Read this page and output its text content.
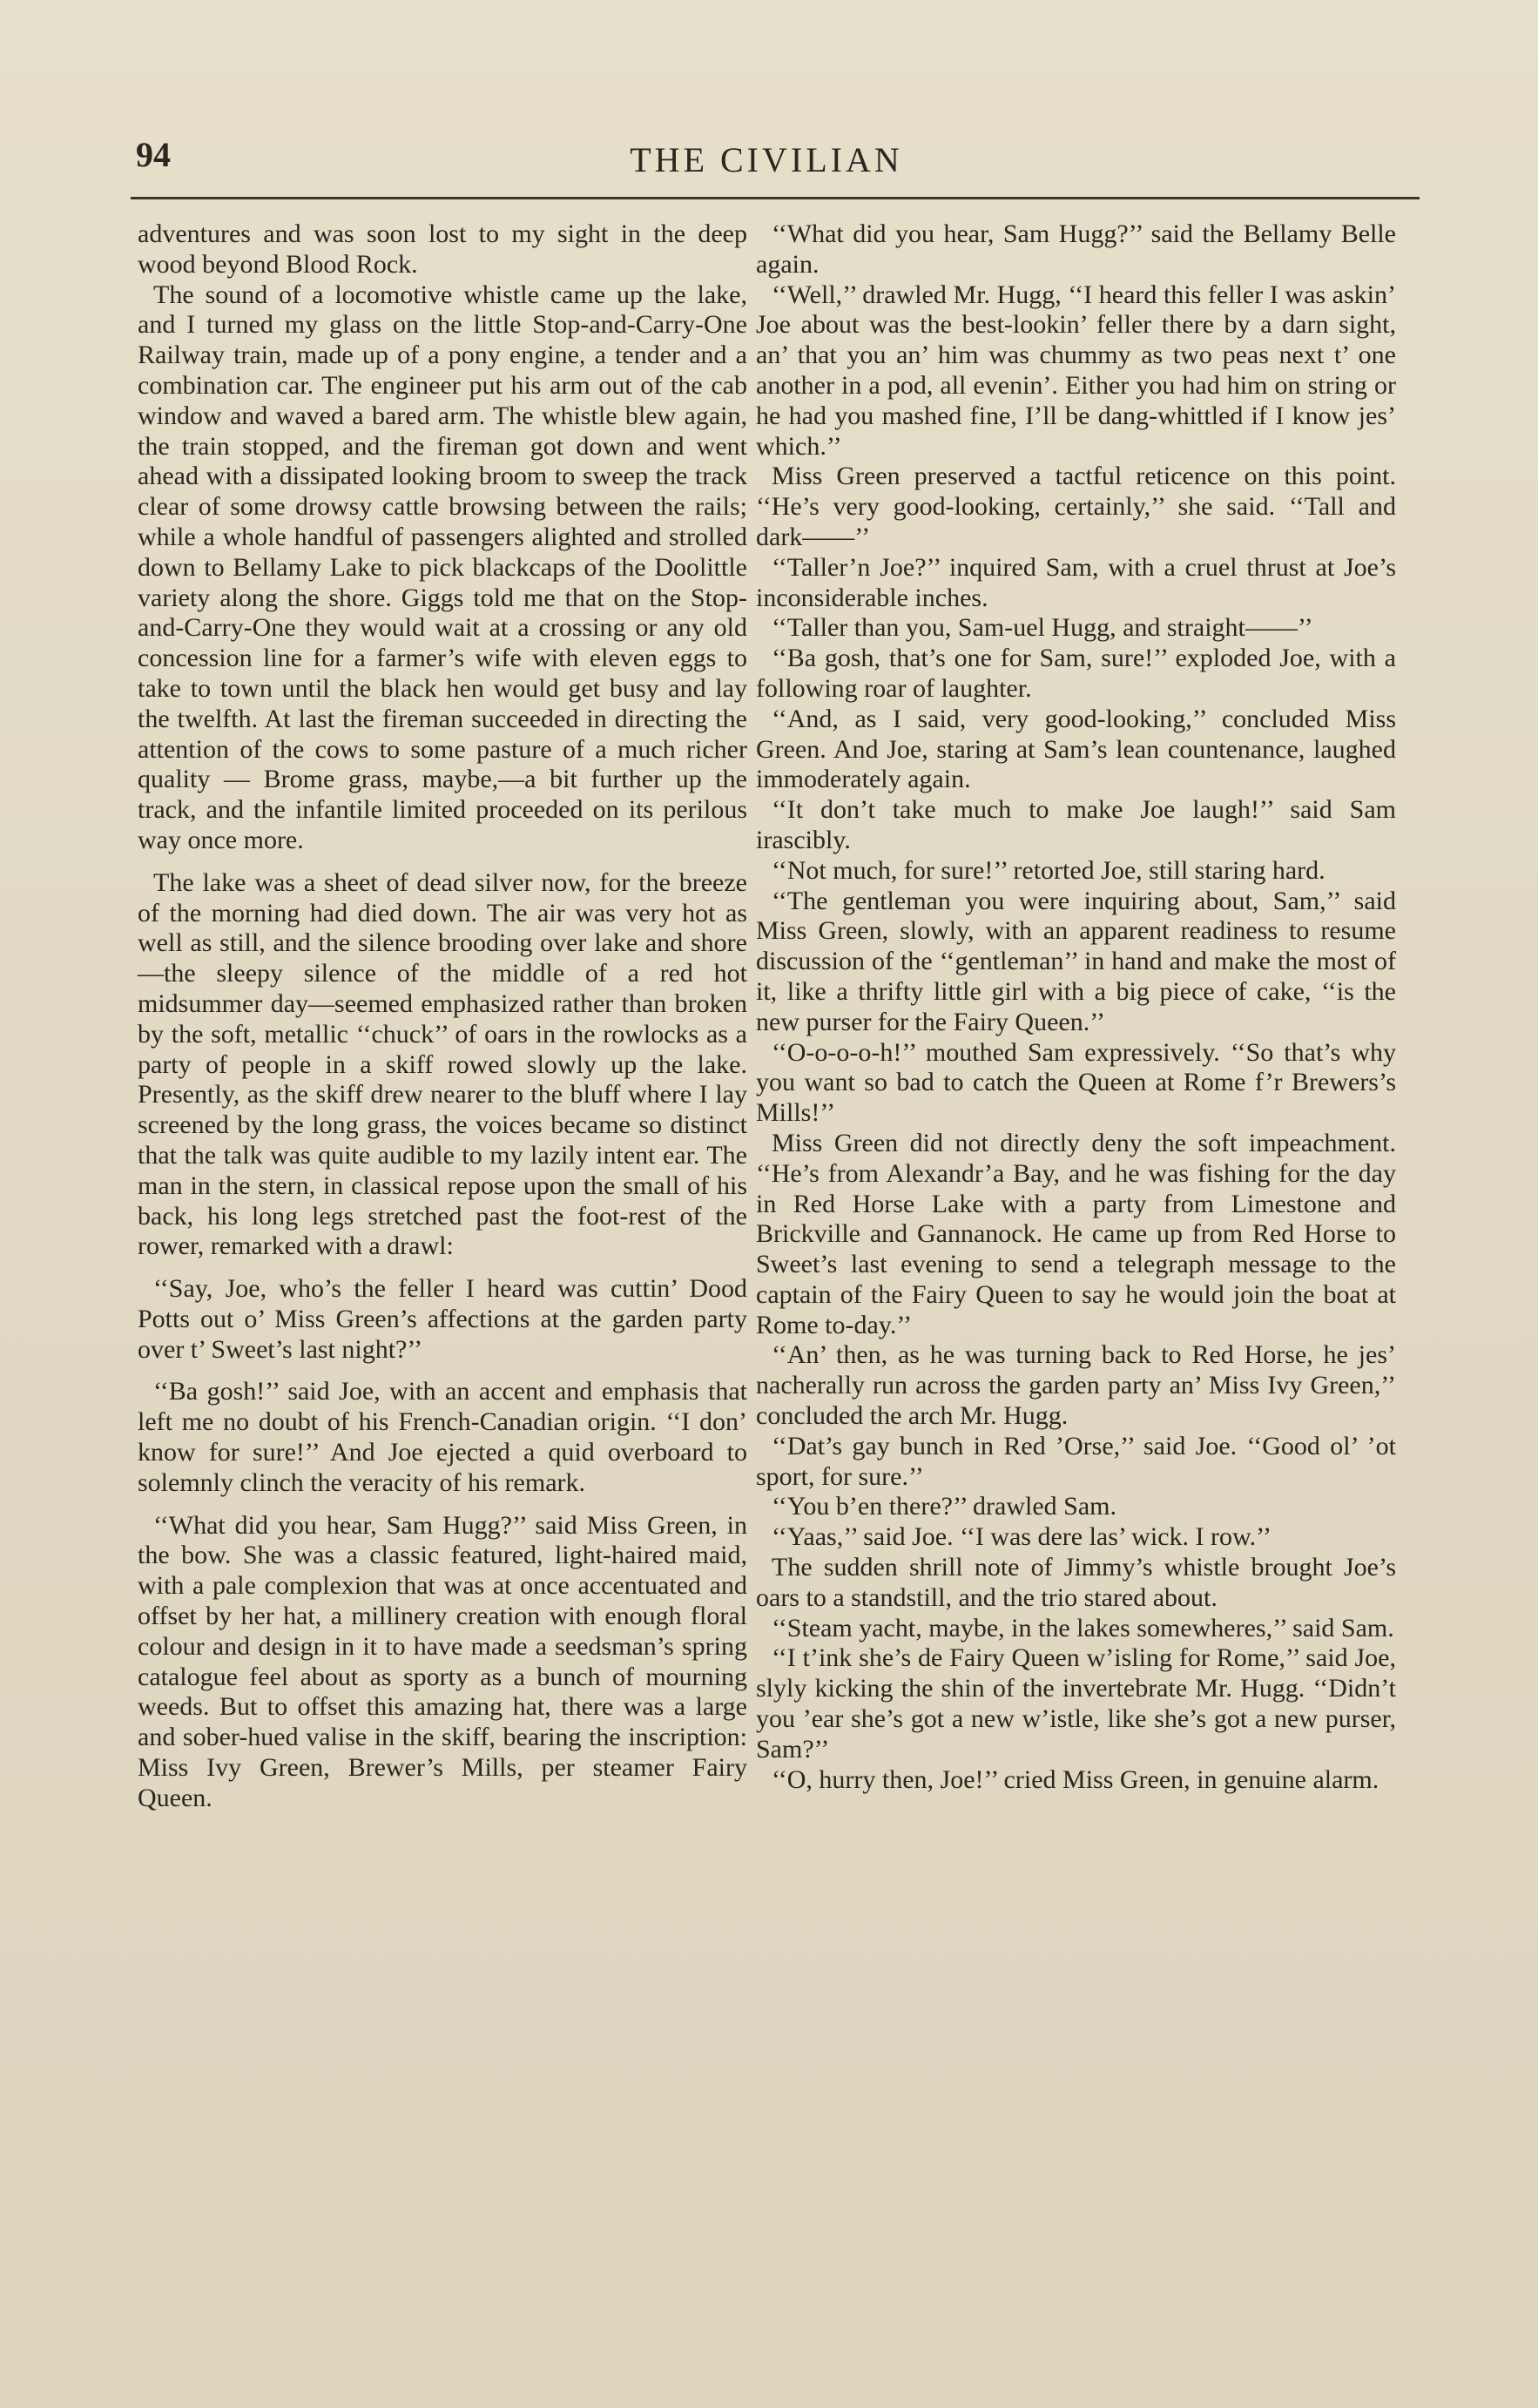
94	THE CIVILIAN

adventures and was soon lost to my sight in the deep wood beyond Blood Rock.

The sound of a locomotive whistle came up the lake, and I turned my glass on the little Stop-and-Carry-One Railway train, made up of a pony engine, a tender and a combination car. The engineer put his arm out of the cab window and waved a bared arm. The whistle blew again, the train stopped, and the fireman got down and went ahead with a dissipated looking broom to sweep the track clear of some drowsy cattle browsing between the rails; while a whole handful of passengers alighted and strolled down to Bellamy Lake to pick blackcaps of the Doolittle variety along the shore. Giggs told me that on the Stop-and-Carry-One they would wait at a crossing or any old concession line for a farmer’s wife with eleven eggs to take to town until the black hen would get busy and lay the twelfth. At last the fireman succeeded in directing the attention of the cows to some pasture of a much richer quality — Brome grass, maybe,—a bit further up the track, and the infantile limited proceeded on its perilous way once more.

The lake was a sheet of dead silver now, for the breeze of the morning had died down. The air was very hot as well as still, and the silence brooding over lake and shore —the sleepy silence of the middle of a red hot midsummer day—seemed emphasized rather than broken by the soft, metallic ‘‘chuck’’ of oars in the rowlocks as a party of people in a skiff rowed slowly up the lake. Presently, as the skiff drew nearer to the bluff where I lay screened by the long grass, the voices became so distinct that the talk was quite audible to my lazily intent ear. The man in the stern, in classical repose upon the small of his back, his long legs stretched past the foot-rest of the rower, remarked with a drawl:

‘‘Say, Joe, who’s the feller I heard was cuttin’ Dood Potts out o’ Miss Green’s affections at the garden party over t’ Sweet’s last night?’’

‘‘Ba gosh!’’ said Joe, with an accent and emphasis that left me no doubt of his French-Canadian origin. ‘‘I don’ know for sure!’’ And Joe ejected a quid overboard to solemnly clinch the veracity of his remark.

‘‘What did you hear, Sam Hugg?’’ said Miss Green, in the bow. She was a classic featured, light-haired maid, with a pale complexion that was at once accentuated and offset by her hat, a millinery creation with enough floral colour and design in it to have made a seedsman’s spring catalogue feel about as sporty as a bunch of mourning weeds. But to offset this amazing hat, there was a large and sober-hued valise in the skiff, bearing the inscription: Miss Ivy Green, Brewer’s Mills, per steamer Fairy Queen.

‘‘What did you hear, Sam Hugg?’’ said the Bellamy Belle again.

‘‘Well,’’ drawled Mr. Hugg, ‘‘I heard this feller I was askin’ Joe about was the best-lookin’ feller there by a darn sight, an’ that you an’ him was chummy as two peas next t’ one another in a pod, all evenin’. Either you had him on string or he had you mashed fine, I’ll be dang-whittled if I know jes’ which.’’

Miss Green preserved a tactful reticence on this point. ‘‘He’s very good-looking, certainly,’’ she said. ‘‘Tall and dark——’’

‘‘Taller’n Joe?’’ inquired Sam, with a cruel thrust at Joe’s inconsiderable inches.

‘‘Taller than you, Sam-uel Hugg, and straight——’’

‘‘Ba gosh, that’s one for Sam, sure!’’ exploded Joe, with a following roar of laughter.

‘‘And, as I said, very good-looking,’’ concluded Miss Green. And Joe, staring at Sam’s lean countenance, laughed immoderately again.

‘‘It don’t take much to make Joe laugh!’’ said Sam irascibly.

‘‘Not much, for sure!’’ retorted Joe, still staring hard.

‘‘The gentleman you were inquiring about, Sam,’’ said Miss Green, slowly, with an apparent readiness to resume discussion of the ‘‘gentleman’’ in hand and make the most of it, like a thrifty little girl with a big piece of cake, ‘‘is the new purser for the Fairy Queen.’’

‘‘O-o-o-o-h!’’ mouthed Sam expressively. ‘‘So that’s why you want so bad to catch the Queen at Rome f’r Brewers’s Mills!’’

Miss Green did not directly deny the soft impeachment. ‘‘He’s from Alexandr’a Bay, and he was fishing for the day in Red Horse Lake with a party from Limestone and Brickville and Gannanock. He came up from Red Horse to Sweet’s last evening to send a telegraph message to the captain of the Fairy Queen to say he would join the boat at Rome to-day.’’

‘‘An’ then, as he was turning back to Red Horse, he jes’ nacherally run across the garden party an’ Miss Ivy Green,’’ concluded the arch Mr. Hugg.

‘‘Dat’s gay bunch in Red ’Orse,’’ said Joe. ‘‘Good ol’ ’ot sport, for sure.’’

‘‘You b’en there?’’ drawled Sam.

‘‘Yaas,’’ said Joe. ‘‘I was dere las’ wick. I row.’’

The sudden shrill note of Jimmy’s whistle brought Joe’s oars to a standstill, and the trio stared about.

‘‘Steam yacht, maybe, in the lakes somewheres,’’ said Sam.

‘‘I t’ink she’s de Fairy Queen w’isling for Rome,’’ said Joe, slyly kicking the shin of the invertebrate Mr. Hugg. ‘‘Didn’t you ’ear she’s got a new w’istle, like she’s got a new purser, Sam?’’

‘‘O, hurry then, Joe!’’ cried Miss Green, in genuine alarm.
